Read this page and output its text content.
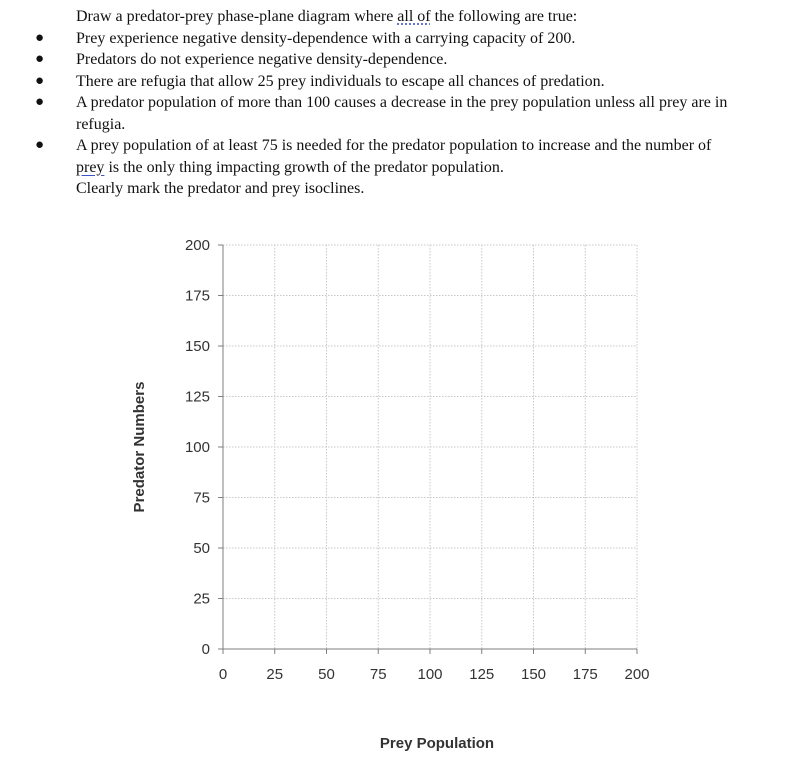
Draw a predator-prey phase-plane diagram where all of the following are true:
● Prey experience negative density-dependence with a carrying capacity of 200.
● Predators do not experience negative density-dependence.
● There are refugia that allow 25 prey individuals to escape all chances of predation.
● A predator population of more than 100 causes a decrease in the prey population unless all prey are in refugia.
● A prey population of at least 75 is needed for the predator population to increase and the number of prey is the only thing impacting growth of the predator population.
Clearly mark the predator and prey isoclines.
0
25
50
75
100
125
150
175
200
0	25 50 75 100 125 150 175 200
Prey Population
Predator Numbers
